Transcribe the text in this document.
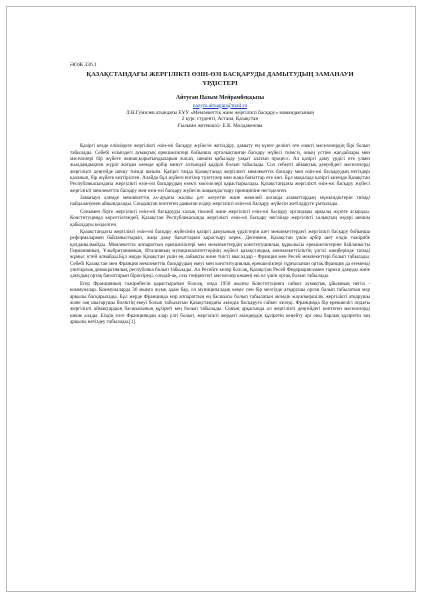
ӘОЖ 336.1

ҚАЗАҚСТАНДАҒЫ ЖЕРГІЛІКТІ ӨЗІН-ӨЗІ БАСҚАРУДЫ ДАМЫТУДЫҢ ЗАМАНАУИ ҮРДІСТЕРІ

Айтуған Назым Мейрамбекқызы

nazym.aituagan@mail.ru

Л.Н.Гумилев атындағы ЕҰУ «Мемлекеттік және жергілікті басқару» мамандығының

2 курс студенті, Астана, Қазақстан

Ғылыми жетекшісі- Е.К. Молдакенова

Қазіргі кезде еліміздеге жергілікті өзін-өзі басқару жүйесін жетілдіру, дамыту ең күнге делінгі өте өзекті мәселелердің бірі болып табылады. Себебі еліміздегі аумақтық ерекшеліктері бойынша орталықтанған басқару жүйесі тиімсіз, оның үстіне жағдайлары мен мәселелері бір жүйеге жинап,қорытындыларын жасап, шешім қабылдау уақыт алатын процесс. Ал қазіргі даму үрдісі өте үлкен жылдамдықпен жүріп жатқан әлемде әрбір минут алтындай қадірлі болып табылады. Сол себепті аймақтық деңгейдегі мәселелерді жергілікті деңгейде шешу тиімді шешім. Қазіргі таңда Қазақстанда жергілікті мемлекеттік басқару мен өзін-өзі басқарудың негіздері қаланып, бір жүйеге келтірілген. Алайда бұл жүйеге енгізер түзетулер мен жаңа бағыттар өте көп. Бұл мақалада қазіргі кезеңде Қазақстан Республикасындағы жергілікті өзін-өзі басқарудың өзекті мәселелері қарастырылады. Қазақстандағы жергілікті өзін-өзі басқару жүйесі жергілікті мемлекеттік басқару мен өзін-өзі басқару жүйесін жақындастыру принципіне негізделген.

Заманауи әлемде мемлекеттің ах-ауқаты жалпы ұлт әлеуетін және жекелей алғанда азаматтардың мүмкіндіктерін тиімді пайдаланумен айқындалады. Сондықтан көптеген дамыған елдер жергілікті өзін-өзі басқару жүйесін жетілдіруге ұмтылады.

Сонымен бірге жергілікті өзін-өзі басқаруды халық тікелей және жергілікті өзін-өзі басқару органдары арқылы жүзеге асырады. Конституцияда көрсетілгендей, Қазақстан Республикасында жергілікті өзін-өзі басқару негізінде жергілікті халықтың өздері шешім қабылдауы көзделген.

Қазақстандағы жергілікті өзін-өзі басқару жүйесінің қазіргі дамуының үрдістерін шет мемлекеттердегі жергілікті басқару бойынша реформалармен байланыстырып, жаңа даму бағыттарын қарастыру керек. Дегенмен, Қазақстан үшін әрбір шет елдік тәжірибе қолданылмайды. Мемлекеттік аппараттың ерекшеліктері мен мемлекеттердің конституциялық құрылысы ерекшеліктеріне байланысты Германияның, Ұлыбританияның, Италияның муниципалитеттерінің жүйесі қазақстандық менмлекеттіліктің үлгісі шеңберінде тиімді жұмыс істей алмайды.Бұл жерде Қазақстан үшін ең лайықты және тиісті мысалдар - Франция мен Ресей мемлекеттері болып табылады. Себебі Қазақстан мен Франция мемлекеттік басқарудың екеуі мен конституциялық ерекшеліктері тұрғысынан ортақ.Франция да егеменді унитарлық демократиялық республика болып табылады. Ал Ресейге келер болсақ, Қазақстан Ресей Федерациясымен тарихи дамуды және дамудың ортақ бағыттарын біріктіреді, сондай-ақ, осы төңіректегі мәселелер көшені екі ел үшін ортақ болып табылады.

Егер Францияның тәжірибесін қарастыратын болсақ, онда 1958 жылғы Конституцияға сәйкес аумақтық ұйымның негізі - коммуналар. Коммуналарда 36 мыңға жуық адам бар, ол муниципалдық кеңес пен бір мезгілде атқарушы орган болып табылатын мэр арқылы басқарылады. Бұл жерде Францияда мэр аппараттың ең басшысы болып табылатын әкімдік жауапкершілік жергілікті атқарушы және заң шығарушы биліктің екеуі болып табылатын Қазақстандағы әкімдік басқаруға сәйкес келеді. Францияда бір ерекшелігі ондағы жергілікті аймақтардың басшысының құзіреті кең болып табылады. Соның арқасында ол жергілікті деңгейдегі көптеген мәселелерді шеше алады. Біздің елге Францияндан алар үлгі болып, жергілікті жердегі әкімдердің құзіретін кеңейту әрі оны барлық құзіретін заң арқылы нетіздеу табылады.[1]
